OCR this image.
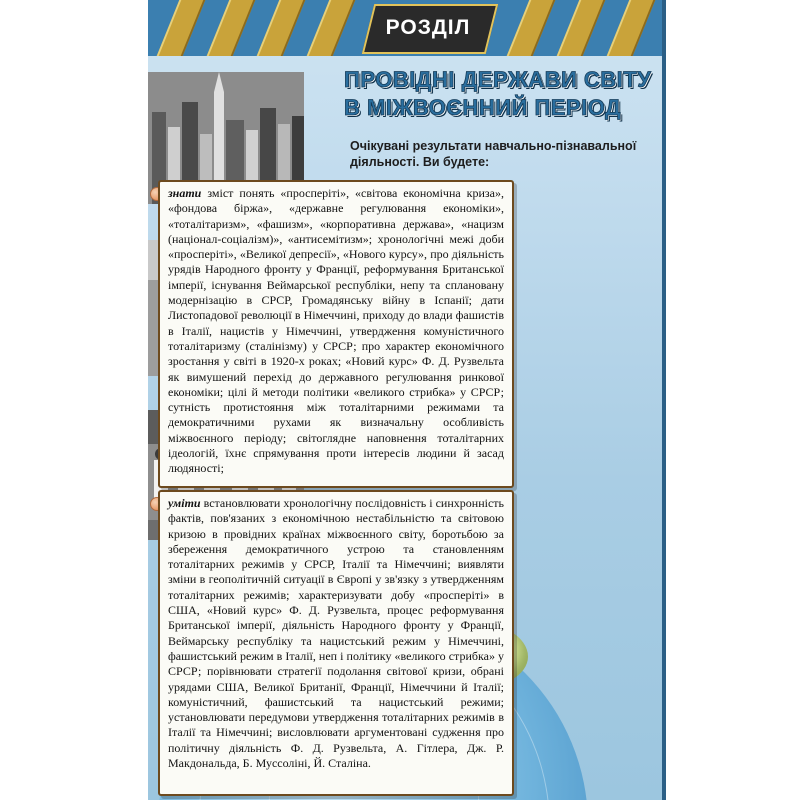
РОЗДІЛ
ПРОВІДНІ ДЕРЖАВИ СВІТУ
В МІЖВОЄННИЙ ПЕРІОД
Очікувані результати навчально-пізнавальної діяльності. Ви будете:
знати зміст понять «просперіті», «світова економічна криза», «фондова біржа», «державне регулювання економіки», «тоталітаризм», «фашизм», «корпоративна держава», «нацизм (націонал-соціалізм)», «антисемітизм»; хронологічні межі доби «просперіті», «Великої депресії», «Нового курсу», про діяльність урядів Народного фронту у Франції, реформування Британської імперії, існування Веймарської республіки, непу та сплановану модернізацію в СРСР, Громадянську війну в Іспанії; дати Листопадової революції в Німеччині, приходу до влади фашистів в Італії, нацистів у Німеччині, утвердження комуністичного тоталітаризму (сталінізму) у СРСР; про характер економічного зростання у світі в 1920-х роках; «Новий курс» Ф. Д. Рузвельта як вимушений перехід до державного регулювання ринкової економіки; цілі й методи політики «великого стрибка» у СРСР; сутність протистояння між тоталітарними режимами та демократичними рухами як визначальну особливість міжвоєнного періоду; світоглядне наповнення тоталітарних ідеологій, їхнє спрямування проти інтересів людини й засад людяності;
уміти встановлювати хронологічну послідовність і синхронність фактів, пов'язаних з економічною нестабільністю та світовою кризою в провідних країнах міжвоєнного світу, боротьбою за збереження демократичного устрою та становленням тоталітарних режимів у СРСР, Італії та Німеччині; виявляти зміни в геополітичній ситуації в Європі у зв'язку з утвердженням тоталітарних режимів; характеризувати добу «просперіті» в США, «Новий курс» Ф. Д. Рузвельта, процес реформування Британської імперії, діяльність Народного фронту у Франції, Веймарську республіку та нацистський режим у Німеччині, фашистський режим в Італії, неп і політику «великого стрибка» у СРСР; порівнювати стратегії подолання світової кризи, обрані урядами США, Великої Британії, Франції, Німеччини й Італії; комуністичний, фашистський та нацистський режими; установлювати передумови утвердження тоталітарних режимів в Італії та Німеччині; висловлювати аргументовані судження про політичну діяльність Ф. Д. Рузвельта, А. Гітлера, Дж. Р. Макдональда, Б. Муссоліні, Й. Сталіна.
